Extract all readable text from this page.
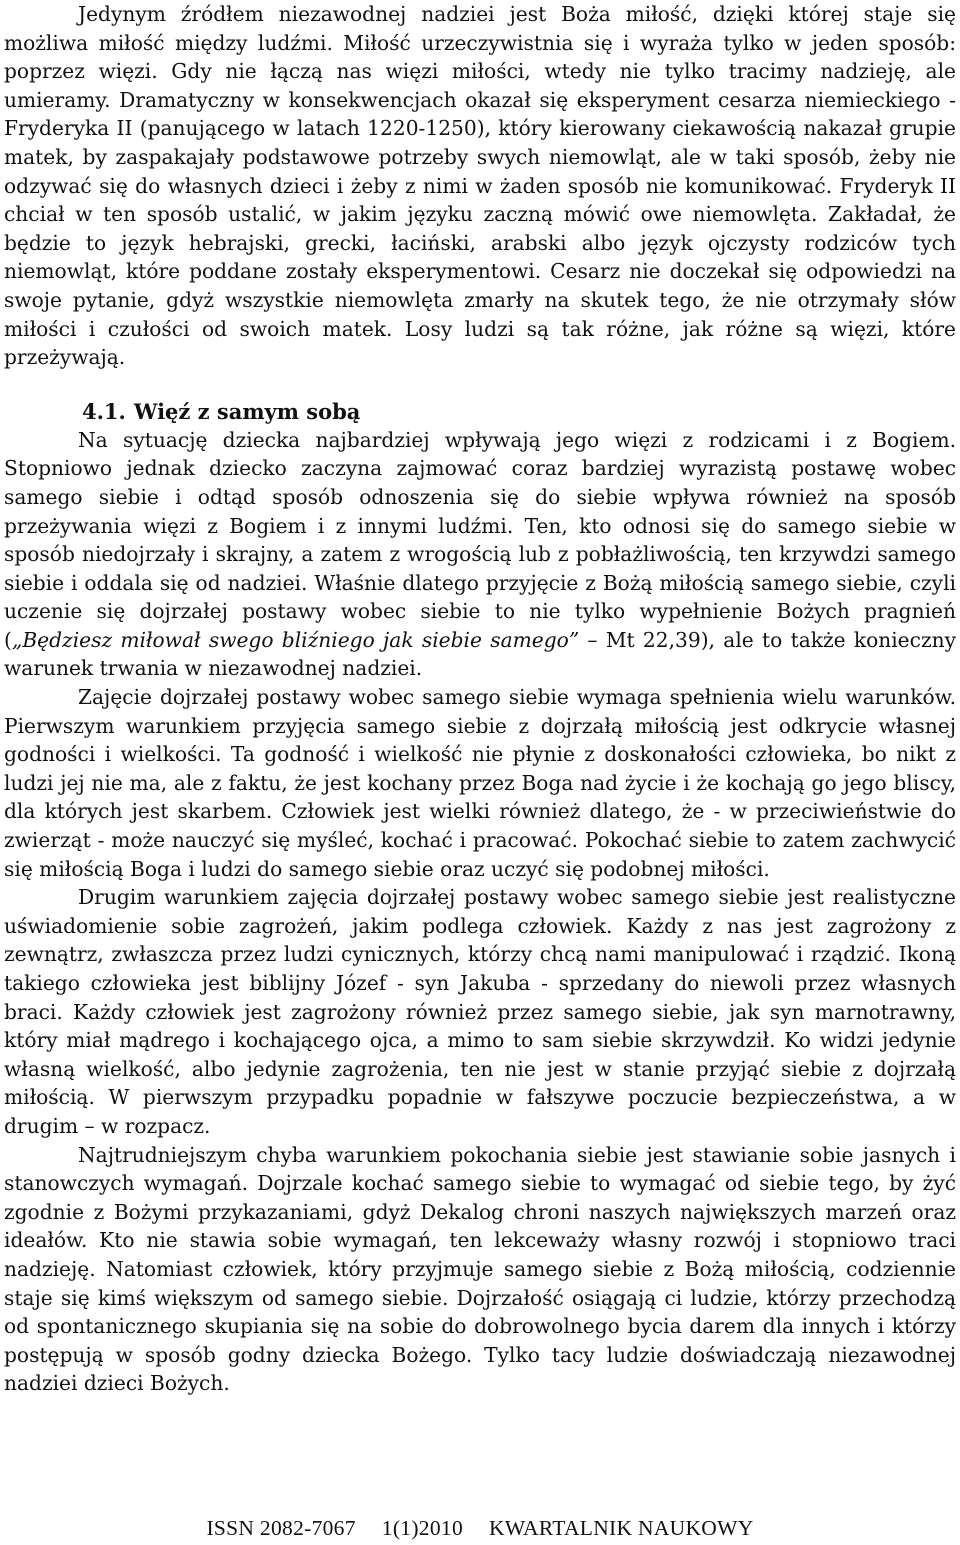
Jedynym źródłem niezawodnej nadziei jest Boża miłość, dzięki której staje się możliwa miłość między ludźmi. Miłość urzeczywistnia się i wyraża tylko w jeden sposób: poprzez więzi. Gdy nie łączą nas więzi miłości, wtedy nie tylko tracimy nadzieję, ale umieramy. Dramatyczny w konsekwencjach okazał się eksperyment cesarza niemieckiego - Fryderyka II (panującego w latach 1220-1250), który kierowany ciekawością nakazał grupie matek, by zaspakajały podstawowe potrzeby swych niemowląt, ale w taki sposób, żeby nie odzywać się do własnych dzieci i żeby z nimi w żaden sposób nie komunikować. Fryderyk II chciał w ten sposób ustalić, w jakim języku zaczną mówić owe niemowlęta. Zakładał, że będzie to język hebrajski, grecki, łaciński, arabski albo język ojczysty rodziców tych niemowląt, które poddane zostały eksperymentowi. Cesarz nie doczekał się odpowiedzi na swoje pytanie, gdyż wszystkie niemowlęta zmarły na skutek tego, że nie otrzymały słów miłości i czułości od swoich matek. Losy ludzi są tak różne, jak różne są więzi, które przeżywają.

4.1. Więź z samym sobą

Na sytuację dziecka najbardziej wpływają jego więzi z rodzicami i z Bogiem. Stopniowo jednak dziecko zaczyna zajmować coraz bardziej wyrazistą postawę wobec samego siebie i odtąd sposób odnoszenia się do siebie wpływa również na sposób przeżywania więzi z Bogiem i z innymi ludźmi. Ten, kto odnosi się do samego siebie w sposób niedojrzały i skrajny, a zatem z wrogością lub z pobłażliwością, ten krzywdzi samego siebie i oddala się od nadziei. Właśnie dlatego przyjęcie z Bożą miłością samego siebie, czyli uczenie się dojrzałej postawy wobec siebie to nie tylko wypełnienie Bożych pragnień („Będziesz miłował swego bliźniego jak siebie samego” – Mt 22,39), ale to także konieczny warunek trwania w niezawodnej nadziei.

Zajęcie dojrzałej postawy wobec samego siebie wymaga spełnienia wielu warunków. Pierwszym warunkiem przyjęcia samego siebie z dojrzałą miłością jest odkrycie własnej godności i wielkości. Ta godność i wielkość nie płynie z doskonałości człowieka, bo nikt z ludzi jej nie ma, ale z faktu, że jest kochany przez Boga nad życie i że kochają go jego bliscy, dla których jest skarbem. Człowiek jest wielki również dlatego, że - w przeciwieństwie do zwierząt - może nauczyć się myśleć, kochać i pracować. Pokochać siebie to zatem zachwycić się miłością Boga i ludzi do samego siebie oraz uczyć się podobnej miłości.

Drugim warunkiem zajęcia dojrzałej postawy wobec samego siebie jest realistyczne uświadomienie sobie zagrożeń, jakim podlega człowiek. Każdy z nas jest zagrożony z zewnątrz, zwłaszcza przez ludzi cynicznych, którzy chcą nami manipulować i rządzić. Ikoną takiego człowieka jest biblijny Józef - syn Jakuba - sprzedany do niewoli przez własnych braci. Każdy człowiek jest zagrożony również przez samego siebie, jak syn marnotrawny, który miał mądrego i kochającego ojca, a mimo to sam siebie skrzywdził. Ko widzi jedynie własną wielkość, albo jedynie zagrożenia, ten nie jest w stanie przyjąć siebie z dojrzałą miłością. W pierwszym przypadku popadnie w fałszywe poczucie bezpieczeństwa, a w drugim – w rozpacz.

Najtrudniejszym chyba warunkiem pokochania siebie jest stawianie sobie jasnych i stanowczych wymagań. Dojrzale kochać samego siebie to wymagać od siebie tego, by żyć zgodnie z Bożymi przykazaniami, gdyż Dekalog chroni naszych największych marzeń oraz ideałów. Kto nie stawia sobie wymagań, ten lekceważy własny rozwój i stopniowo traci nadzieję. Natomiast człowiek, który przyjmuje samego siebie z Bożą miłością, codziennie staje się kimś większym od samego siebie. Dojrzałość osiągają ci ludzie, którzy przechodzą od spontanicznego skupiania się na sobie do dobrowolnego bycia darem dla innych i którzy postępują w sposób godny dziecka Bożego. Tylko tacy ludzie doświadczają niezawodnej nadziei dzieci Bożych.

ISSN 2082-7067 1(1)2010 KWARTALNIK NAUKOWY
